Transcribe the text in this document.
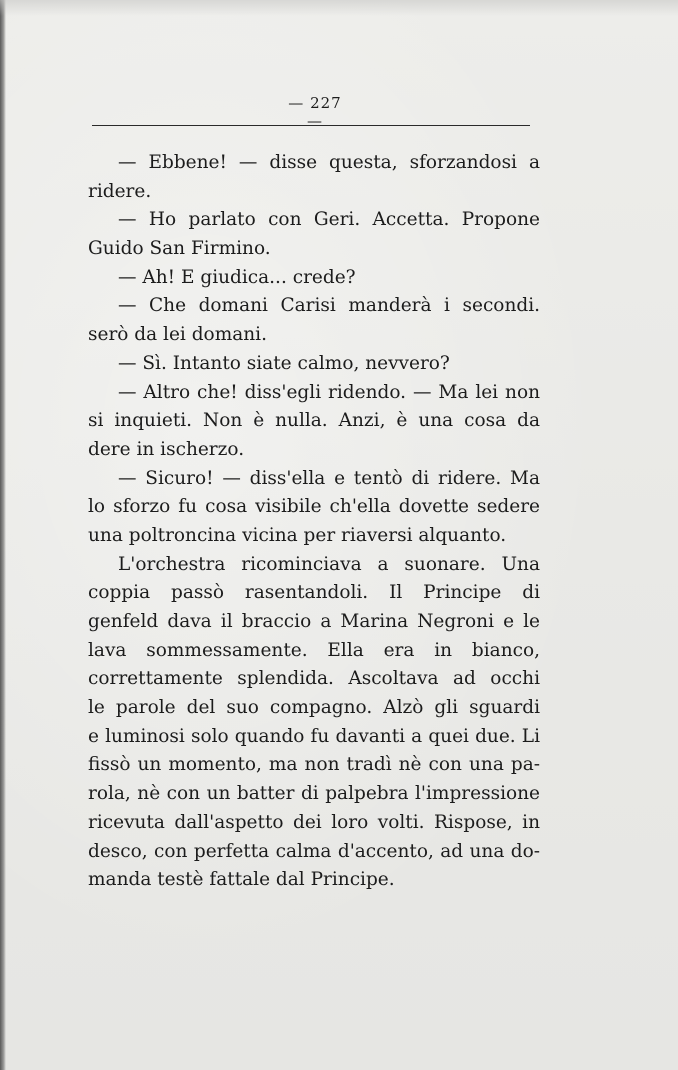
— 227 —
— Ebbene! — disse questa, sforzandosi a
ridere.
— Ho parlato con Geri. Accetta. Propone
Guido San Firmino.
— Ah! E giudica... crede?
— Che domani Carisi manderà i secondi.
serò da lei domani.
— Sì. Intanto siate calmo, nevvero?
— Altro che! diss'egli ridendo. — Ma lei non
si inquieti. Non è nulla. Anzi, è una cosa da
dere in ischerzo.
— Sicuro! — diss'ella e tentò di ridere. Ma
lo sforzo fu cosa visibile ch'ella dovette sedere
una poltroncina vicina per riaversi alquanto.
L'orchestra ricominciava a suonare. Una
coppia passò rasentandoli. Il Principe di
genfeld dava il braccio a Marina Negroni e le
lava sommessamente. Ella era in bianco,
correttamente splendida. Ascoltava ad occhi
le parole del suo compagno. Alzò gli sguardi
e luminosi solo quando fu davanti a quei due. Li
fissò un momento, ma non tradì nè con una pa-
rola, nè con un batter di palpebra l'impressione
ricevuta dall'aspetto dei loro volti. Rispose, in
desco, con perfetta calma d'accento, ad una do-
manda testè fattale dal Principe.
